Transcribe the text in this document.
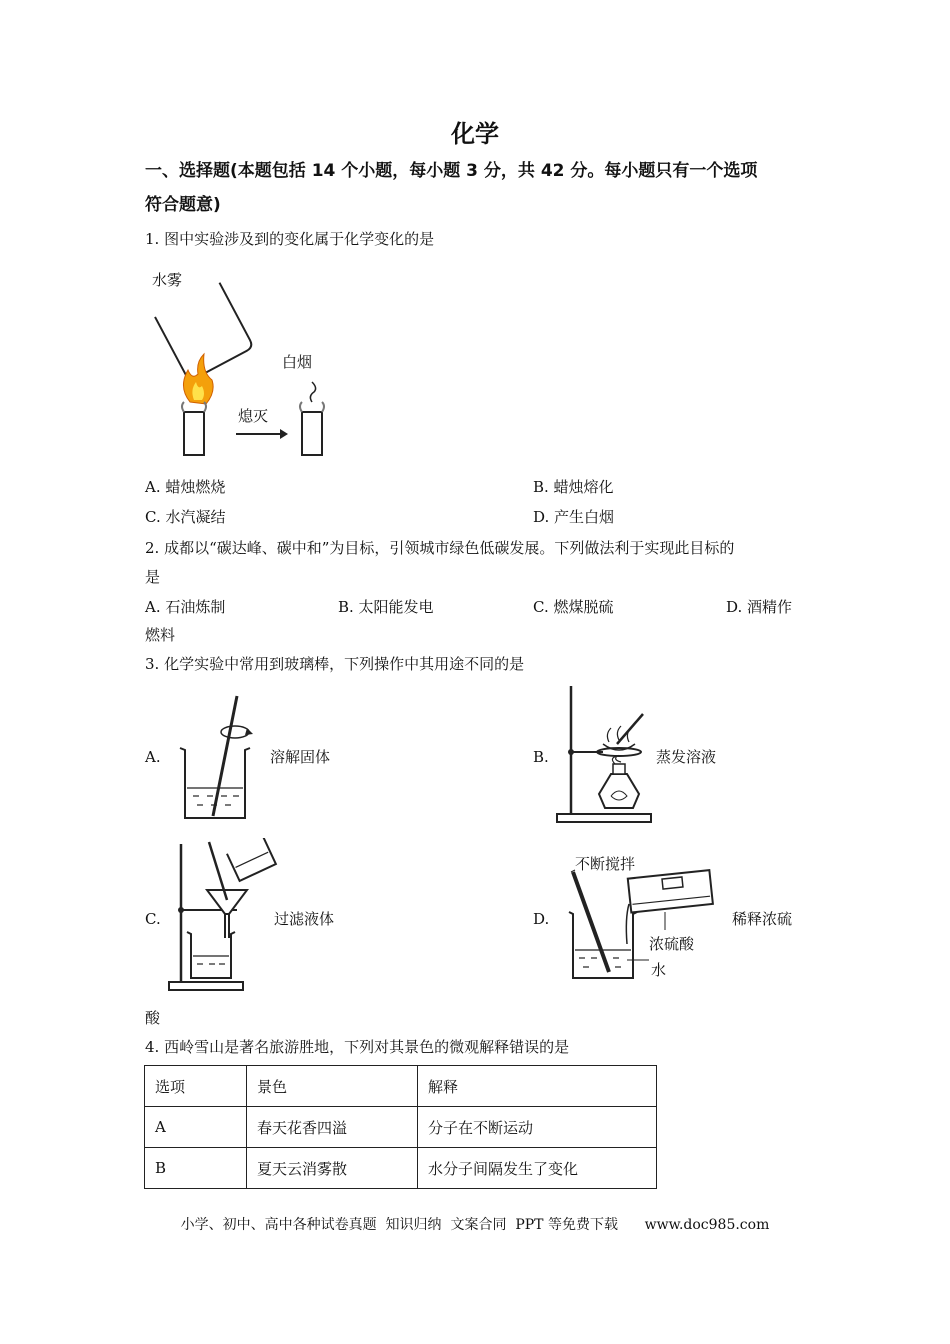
化学
一、选择题(本题包括 14 个小题，每小题 3 分，共 42 分。每小题只有一个选项
符合题意)
1. 图中实验涉及到的变化属于化学变化的是
水雾
白烟
熄灭
A. 蜡烛燃烧	B. 蜡烛熔化
C. 水汽凝结	D. 产生白烟
2. 成都以“碳达峰、碳中和”为目标，引领城市绿色低碳发展。下列做法利于实现此目标的
是
A. 石油炼制	B. 太阳能发电	C. 燃煤脱硫	D. 酒精作
燃料
3. 化学实验中常用到玻璃棒，下列操作中其用途不同的是
A.	溶解固体	B.	蒸发溶液
C.	过滤液体	D.
不断搅拌
浓硫酸
水
稀释浓硫
酸
4. 西岭雪山是著名旅游胜地，下列对其景色的微观解释错误的是
选项	景色	解释
A	春天花香四溢	分子在不断运动
B	夏天云消雾散	水分子间隔发生了变化
小学、初中、高中各种试卷真题  知识归纳  文案合同  PPT 等免费下载      www.doc985.com
